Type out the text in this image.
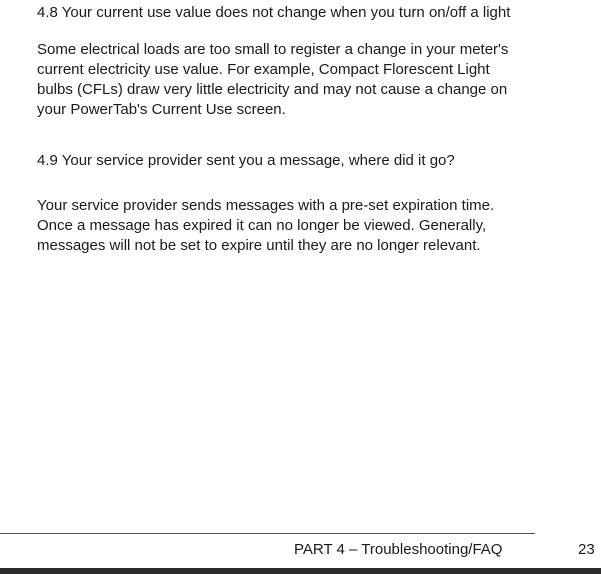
4.8 Your current use value does not change when you turn on/off a light
Some electrical loads are too small to register a change in your meter's
current electricity use value. For example, Compact Florescent Light
bulbs (CFLs) draw very little electricity and may not cause a change on
your PowerTab's Current Use screen.
4.9 Your service provider sent you a message, where did it go?
Your service provider sends messages with a pre-set expiration time.
Once a message has expired it can no longer be viewed. Generally,
messages will not be set to expire until they are no longer relevant.
PART 4 – Troubleshooting/FAQ	23
